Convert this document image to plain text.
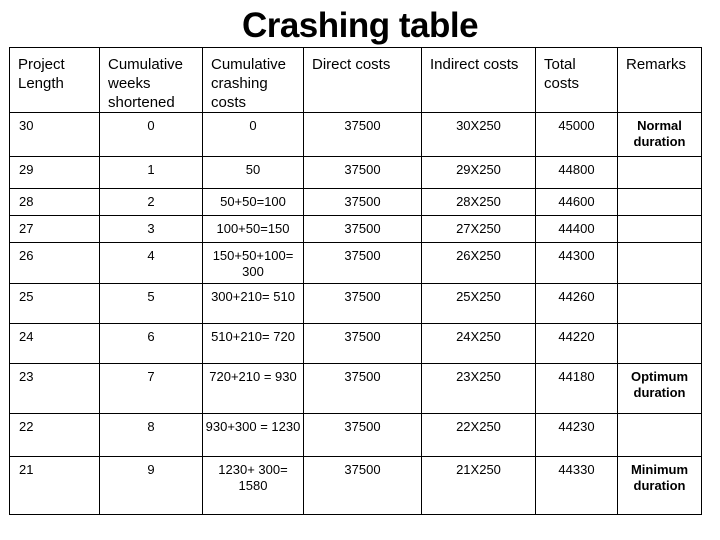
Crashing table
Project Length	Cumulative weeks shortened	Cumulative crashing costs	Direct costs	Indirect costs	Total costs	Remarks
30	0	0	37500	30X250	45000	Normal duration
29	1	50	37500	29X250	44800	
28	2	50+50=100	37500	28X250	44600	
27	3	100+50=150	37500	27X250	44400	
26	4	150+50+100= 300	37500	26X250	44300	
25	5	300+210= 510	37500	25X250	44260	
24	6	510+210= 720	37500	24X250	44220	
23	7	720+210 = 930	37500	23X250	44180	Optimum duration
22	8	930+300 = 1230	37500	22X250	44230	
21	9	1230+ 300= 1580	37500	21X250	44330	Minimum duration
